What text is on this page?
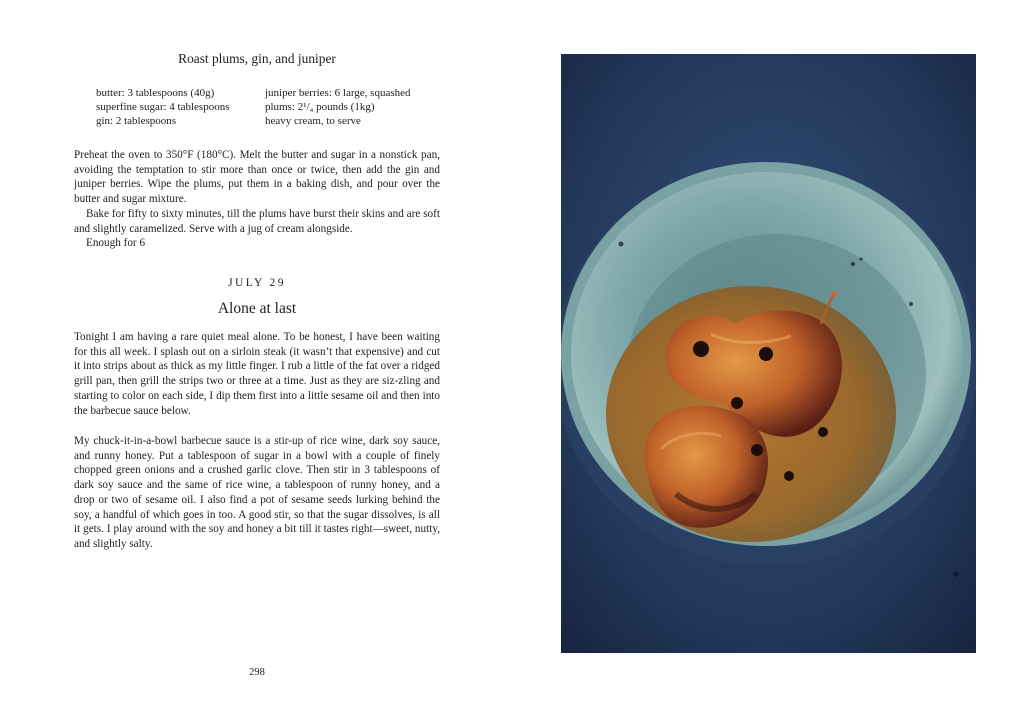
Roast plums, gin, and juniper
butter: 3 tablespoons (40g)
superfine sugar: 4 tablespoons
gin: 2 tablespoons
juniper berries: 6 large, squashed
plums: 2¹/₄ pounds (1kg)
heavy cream, to serve

Preheat the oven to 350°F (180°C). Melt the butter and sugar in a nonstick pan, avoiding the temptation to stir more than once or twice, then add the gin and juniper berries. Wipe the plums, put them in a baking dish, and pour over the butter and sugar mixture.

Bake for fifty to sixty minutes, till the plums have burst their skins and are soft and slightly caramelized. Serve with a jug of cream alongside.

Enough for 6

JULY 29
Alone at last

Tonight I am having a rare quiet meal alone. To be honest, I have been waiting for this all week. I splash out on a sirloin steak (it wasn’t that expensive) and cut it into strips about as thick as my little finger. I rub a little of the fat over a ridged grill pan, then grill the strips two or three at a time. Just as they are siz-zling and starting to color on each side, I dip them first into a little sesame oil and then into the barbecue sauce below.

My chuck-it-in-a-bowl barbecue sauce is a stir-up of rice wine, dark soy sauce, and runny honey. Put a tablespoon of sugar in a bowl with a couple of finely chopped green onions and a crushed garlic clove. Then stir in 3 tablespoons of dark soy sauce and the same of rice wine, a tablespoon of runny honey, and a drop or two of sesame oil. I also find a pot of sesame seeds lurking behind the soy, a handful of which goes in too. A good stir, so that the sugar dissolves, is all it gets. I play around with the soy and honey a bit till it tastes right—sweet, nutty, and slightly salty.

298
